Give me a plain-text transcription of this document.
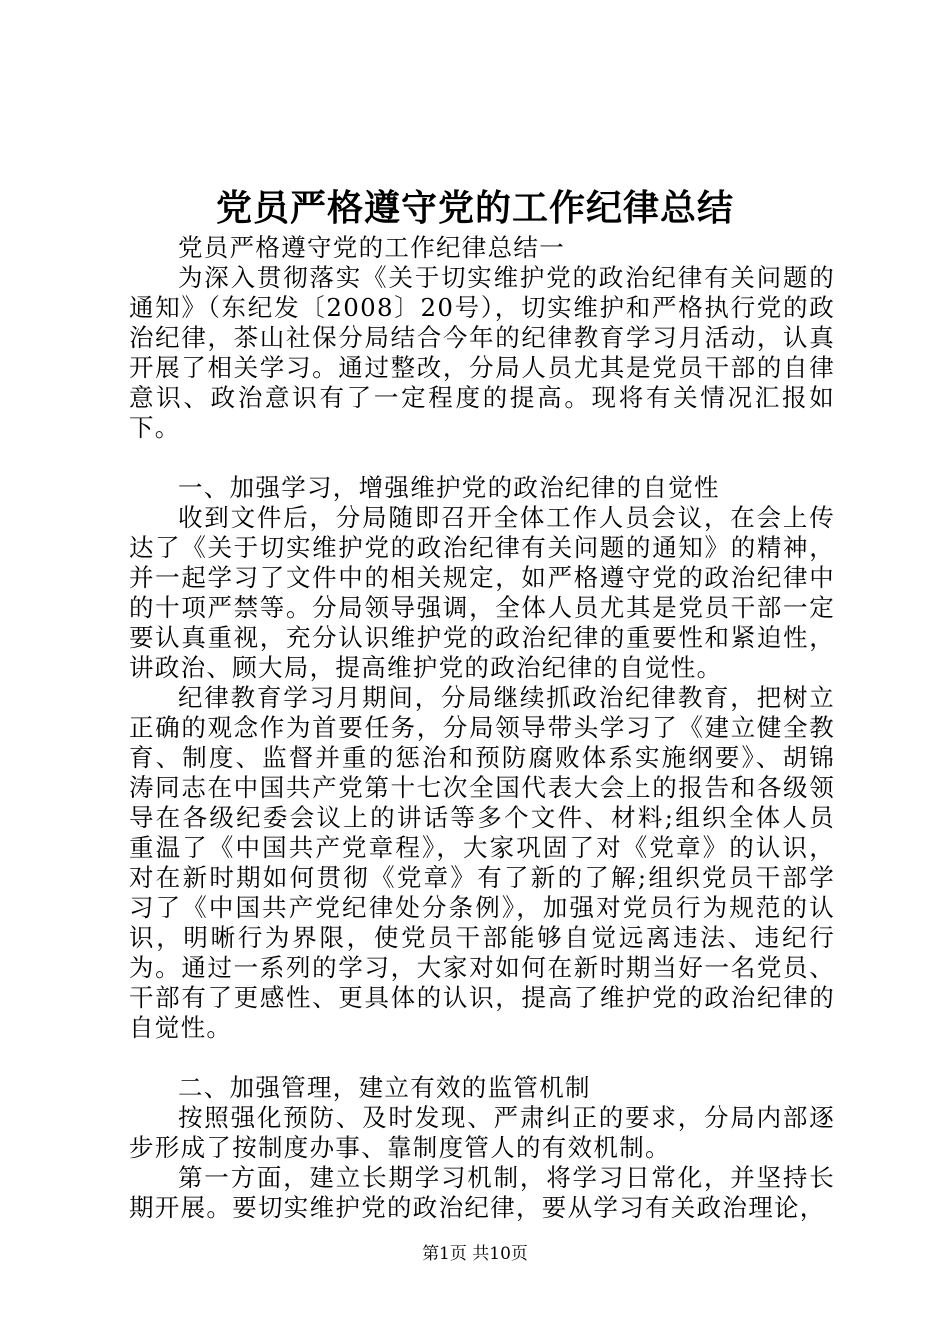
党员严格遵守党的工作纪律总结

党员严格遵守党的工作纪律总结一

为深入贯彻落实《关于切实维护党的政治纪律有关问题的通知》（东纪发〔2008〕20号），切实维护和严格执行党的政治纪律，茶山社保分局结合今年的纪律教育学习月活动，认真开展了相关学习。通过整改，分局人员尤其是党员干部的自律意识、政治意识有了一定程度的提高。现将有关情况汇报如下。

一、加强学习，增强维护党的政治纪律的自觉性

收到文件后，分局随即召开全体工作人员会议，在会上传达了《关于切实维护党的政治纪律有关问题的通知》的精神，并一起学习了文件中的相关规定，如严格遵守党的政治纪律中的十项严禁等。分局领导强调，全体人员尤其是党员干部一定要认真重视，充分认识维护党的政治纪律的重要性和紧迫性，讲政治、顾大局，提高维护党的政治纪律的自觉性。

纪律教育学习月期间，分局继续抓政治纪律教育，把树立正确的观念作为首要任务，分局领导带头学习了《建立健全教育、制度、监督并重的惩治和预防腐败体系实施纲要》、胡锦涛同志在中国共产党第十七次全国代表大会上的报告和各级领导在各级纪委会议上的讲话等多个文件、材料;组织全体人员重温了《中国共产党章程》，大家巩固了对《党章》的认识，对在新时期如何贯彻《党章》有了新的了解;组织党员干部学习了《中国共产党纪律处分条例》，加强对党员行为规范的认识，明晰行为界限，使党员干部能够自觉远离违法、违纪行为。通过一系列的学习，大家对如何在新时期当好一名党员、干部有了更感性、更具体的认识，提高了维护党的政治纪律的自觉性。

二、加强管理，建立有效的监管机制

按照强化预防、及时发现、严肃纠正的要求，分局内部逐步形成了按制度办事、靠制度管人的有效机制。

第一方面，建立长期学习机制，将学习日常化，并坚持长期开展。要切实维护党的政治纪律，要从学习有关政治理论，

第1页 共10页
